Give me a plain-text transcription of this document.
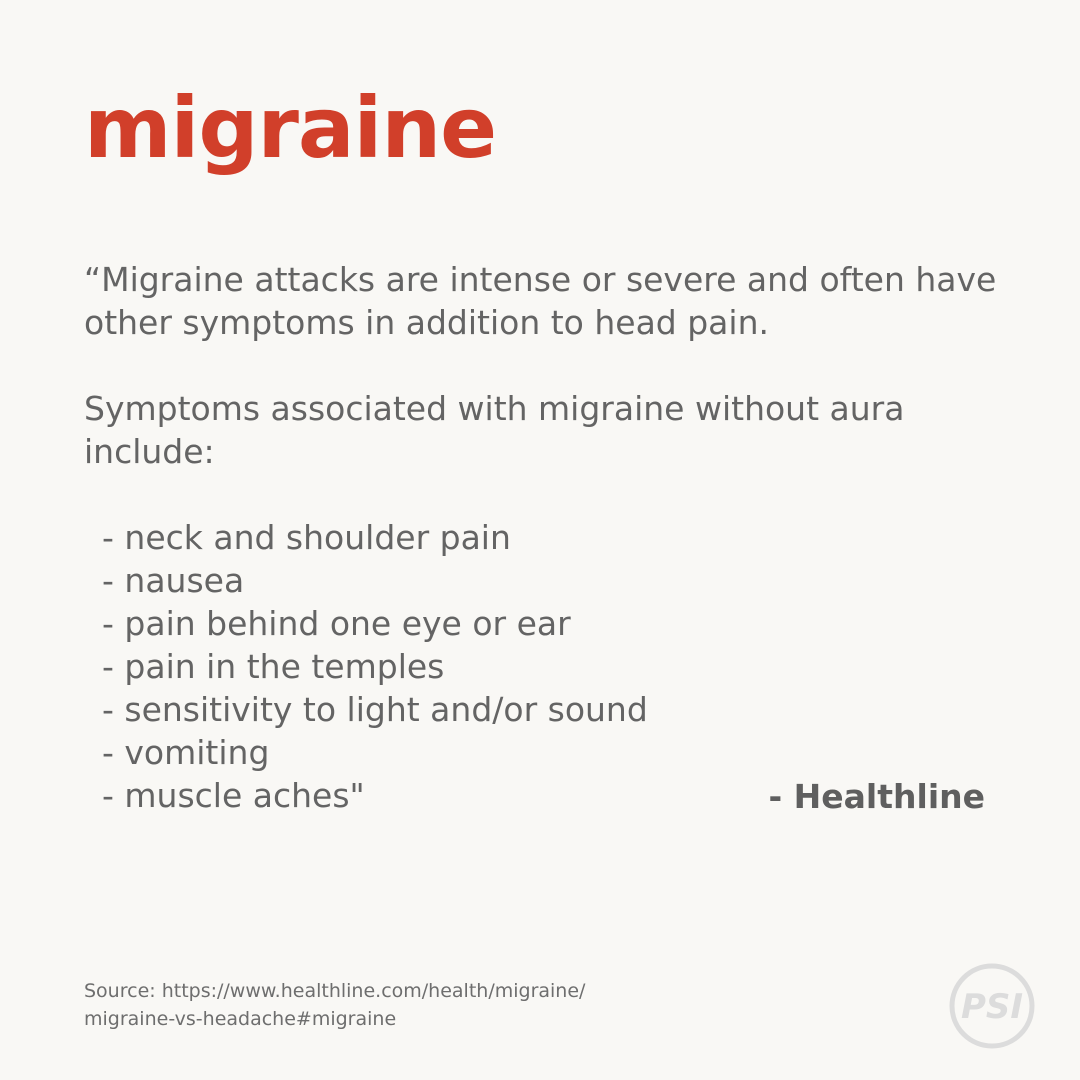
migraine

“Migraine attacks are intense or severe and often have other symptoms in addition to head pain.

Symptoms associated with migraine without aura include:

- neck and shoulder pain
- nausea
- pain behind one eye or ear
- pain in the temples
- sensitivity to light and/or sound
- vomiting
- muscle aches"	- Healthline
Source: https://www.healthline.com/health/migraine/
migraine-vs-headache#migraine	PSI
